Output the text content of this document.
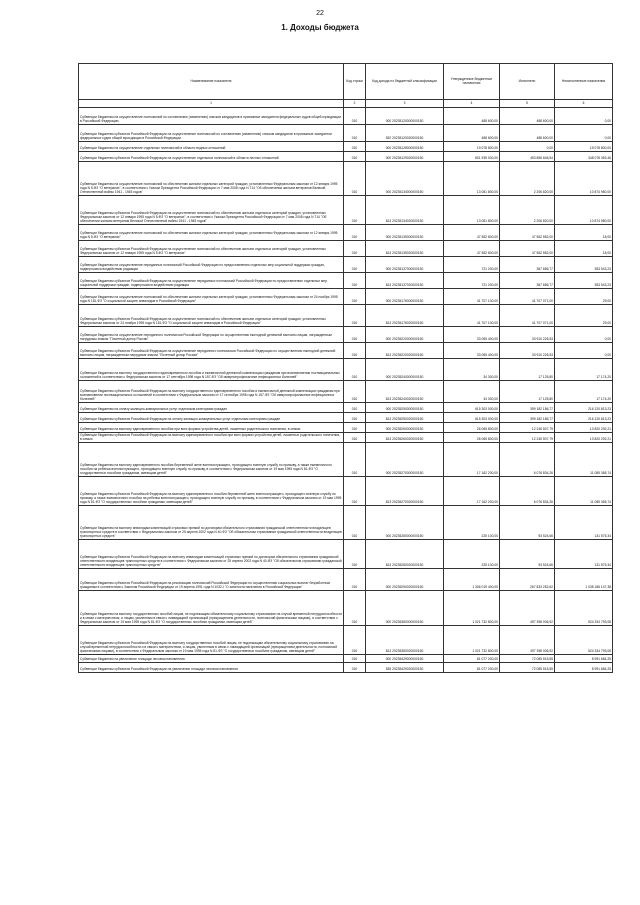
22
1. Доходы бюджета
Наименование показателя	Код строки	Код дохода по бюджетной классификации	Утвержденные бюджетные назначения	Исполнено	Неисполненные назначения
1	2	3	4	5	6
Субвенции бюджетам на осуществление полномочий по составлению (изменению) списков кандидатов в присяжные заседатели федеральных судов общей юрисдикции в Российской Федерации	010	000 20235120000000150	488 600,00	488 600,00	0,00
Субвенции бюджетам субъектов Российской Федерации на осуществление полномочий по составлению (изменению) списков кандидатов в присяжные заседатели федеральных судов общей юрисдикции в Российской Федерации	010	520 20235120020000150	488 600,00	488 600,00	0,00
Субвенции бюджетам на осуществление отдельных полномочий в области водных отношений	010	000 20235128000000150	19 078 800,00	0,00	19 078 800,00
Субвенции бюджетам субъектов Российской Федерации на осуществление отдельных полномочий в области лесных отношений	010	000 20235129020000150	801 935 000,00	453 856 646,54	348 078 353,46
Субвенции бюджетам на осуществление полномочий по обеспечению жильем отдельных категорий граждан, установленных Федеральным законом от 12 января 1995 года N 5-ФЗ "О ветеранах", в соответствии с Указом Президента Российской Федерации от 7 мая 2008 года N 714 "Об обеспечении жильем ветеранов Великой Отечественной войны 1941 - 1945 годов"	010	000 20235134000000150	13 081 800,00	2 206 820,00	10 874 980,00
Субвенции бюджетам субъектов Российской Федерации на осуществление полномочий по обеспечению жильем отдельных категорий граждан, установленных Федеральным законом от 12 января 1995 года N 5-ФЗ "О ветеранах", в соответствии с Указом Президента Российской Федерации от 7 мая 2008 года N 714 "Об обеспечении жильем ветеранов Великой Отечественной войны 1941 - 1945 годов"	010	813 20235134020000150	13 081 800,00	2 206 820,00	10 874 980,00
Субвенции бюджетам на осуществление полномочий по обеспечению жильем отдельных категорий граждан, установленных Федеральным законом от 12 января 1995 года N 5-ФЗ "О ветеранах"	010	000 20235135000000150	47 552 600,00	47 552 582,00	18,00
Субвенции бюджетам субъектов Российской Федерации на осуществление полномочий по обеспечению жильем отдельных категорий граждан, установленных Федеральным законом от 12 января 1995 года N 5-ФЗ "О ветеранах"	010	813 20235135020000150	47 552 600,00	47 552 582,00	18,00
Субвенции бюджетам на осуществление переданных полномочий Российской Федерации по предоставлению отдельных мер социальной поддержки граждан, подвергшихся воздействию радиации	010	000 20235137000000150	721 200,00	367 656,77	353 543,23
Субвенции бюджетам субъектов Российской Федерации на осуществление переданных полномочий Российской Федерации по предоставлению отдельных мер социальной поддержки граждан, подвергшихся воздействию радиации	010	813 20235137020000150	721 200,00	367 656,77	353 543,23
Субвенции бюджетам на осуществление полномочий по обеспечению жильем отдельных категорий граждан, установленных Федеральным законом от 24 ноября 1995 года N 181-ФЗ "О социальной защите инвалидов в Российской Федерации"	010	000 20235176000000150	41 707 100,00	41 707 071,00	29,00
Субвенции бюджетам субъектов Российской Федерации на осуществление полномочий по обеспечению жильем отдельных категорий граждан, установленных Федеральным законом от 24 ноября 1995 года N 181-ФЗ "О социальной защите инвалидов в Российской Федерации"	010	813 20235176020000150	41 707 100,00	41 707 071,00	29,00
Субвенции бюджетам на осуществление переданного полномочия Российской Федерации по осуществлению ежегодной денежной выплаты лицам, награжденным нагрудным знаком "Почетный донор России"	010	000 20235220000000150	33 065 400,00	33 910 226,53	0,00
Субвенции бюджетам субъектов Российской Федерации на осуществление переданного полномочия Российской Федерации по осуществлению ежегодной денежной выплаты лицам, награжденным нагрудным знаком "Почетный донор России"	010	813 20235220020000150	33 065 400,00	33 910 226,53	0,00
Субвенции бюджетам на выплату государственного единовременного пособия и ежемесячной денежной компенсации гражданам при возникновении поствакцинальных осложнений в соответствии с Федеральным законом от 17 сентября 1998 года N 157-ФЗ "Об иммунопрофилактике инфекционных болезней"	010	000 20235240000000150	34 300,00	17 125,80	17 174,20
Субвенции бюджетам субъектов Российской Федерации на выплату государственного единовременного пособия и ежемесячной денежной компенсации гражданам при возникновении поствакцинальных осложнений в соответствии с Федеральным законом от 17 сентября 1998 года N 157-ФЗ "Об иммунопрофилактике инфекционных болезней"	010	813 20235240020000150	34 300,00	17 125,80	17 174,20
Субвенции бюджетам на оплату жилищно-коммунальных услуг отдельным категориям граждан	010	000 20235250000000150	615 303 000,00	399 182 186,77	216 120 813,23
Субвенции бюджетам субъектов Российской Федерации на оплату жилищно-коммунальных услуг отдельным категориям граждан	010	813 20235250020000150	615 303 000,00	399 182 186,77	216 120 813,23
Субвенции бюджетам на выплату единовременного пособия при всех формах устройства детей, лишенных родительского попечения, в семью	010	000 20235260000000150	26 065 800,00	12 245 507,79	13 820 292,21
Субвенции бюджетам субъектов Российской Федерации на выплату единовременного пособия при всех формах устройства детей, лишенных родительского попечения, в семью	010	813 20235260020000150	26 065 800,00	12 245 507,79	13 820 292,21
Субвенции бюджетам на выплату единовременного пособия беременной жене военнослужащего, проходящего военную службу по призыву, а также ежемесячного пособия на ребенка военнослужащего, проходящего военную службу по призыву, в соответствии с Федеральным законом от 19 мая 1995 года N 81-ФЗ "О государственных пособиях гражданам, имеющим детей"	010	000 20235270000000150	17 162 200,00	6 076 834,26	11 085 365,74
Субвенции бюджетам субъектов Российской Федерации на выплату единовременного пособия беременной жене военнослужащего, проходящего военную службу по призыву, а также ежемесячного пособия на ребенка военнослужащего, проходящего военную службу по призыву, в соответствии с Федеральным законом от 19 мая 1995 года N 81-ФЗ "О государственных пособиях гражданам, имеющим детей"	010	813 20235270020000150	17 162 200,00	6 076 834,26	11 085 365,74
Субвенции бюджетам на выплату инвалидам компенсаций страховых премий по договорам обязательного страхования гражданской ответственности владельцев транспортных средств в соответствии с Федеральным законом от 25 апреля 2002 года N 40-ФЗ "Об обязательном страховании гражданской ответственности владельцев транспортных средств"	010	000 20235280000000150	225 100,00	93 524,66	131 575,34
Субвенции бюджетам субъектов Российской Федерации на выплату инвалидам компенсаций страховых премий по договорам обязательного страхования гражданской ответственности владельцев транспортных средств в соответствии с Федеральным законом от 25 апреля 2002 года N 40-ФЗ "Об обязательном страховании гражданской ответственности владельцев транспортных средств"	010	813 20235280020000150	225 100,00	93 524,66	131 575,34
Субвенции бюджетам субъектов Российской Федерации на реализацию полномочий Российской Федерации по осуществлению социальных выплат безработным гражданам в соответствии с Законом Российской Федерации от 19 апреля 1991 года N 1032-I "О занятости населения в Российской Федерации"	010	000 20235290020000150	1 306 019 400,00	267 833 252,62	1 038 186 147,38
Субвенции бюджетам на выплату государственных пособий лицам, не подлежащим обязательному социальному страхованию на случай временной нетрудоспособности и в связи с материнством, и лицам, уволенным в связи с ликвидацией организаций (прекращением деятельности, полномочий физическими лицами), в соответствии с Федеральным законом от 19 мая 1995 года N 81-ФЗ "О государственных пособиях гражданам, имеющим детей"	010	000 20235380000000150	1 021 732 800,00	497 398 006,92	524 334 793,08
Субвенции бюджетам субъектов Российской Федерации на выплату государственных пособий лицам, не подлежащим обязательному социальному страхованию на случай временной нетрудоспособности и в связи с материнством, и лицам, уволенным в связи с ликвидацией организаций (прекращением деятельности, полномочий физическими лицами), в соответствии с Федеральным законом от 19 мая 1995 года N 81-ФЗ "О государственных пособиях гражданам, имеющим детей"	010	813 20235380020000150	1 021 732 800,00	497 398 006,92	524 334 793,08
Субвенции бюджетам на увеличение площади лесовосстановления	010	000 20235429000000150	81 077 200,00	72 085 515,55	8 991 684,25
Субвенции бюджетам субъектов Российской Федерации на увеличение площади лесовосстановления	010	535 20235429020000150	81 077 200,00	72 085 515,55	8 991 684,25
